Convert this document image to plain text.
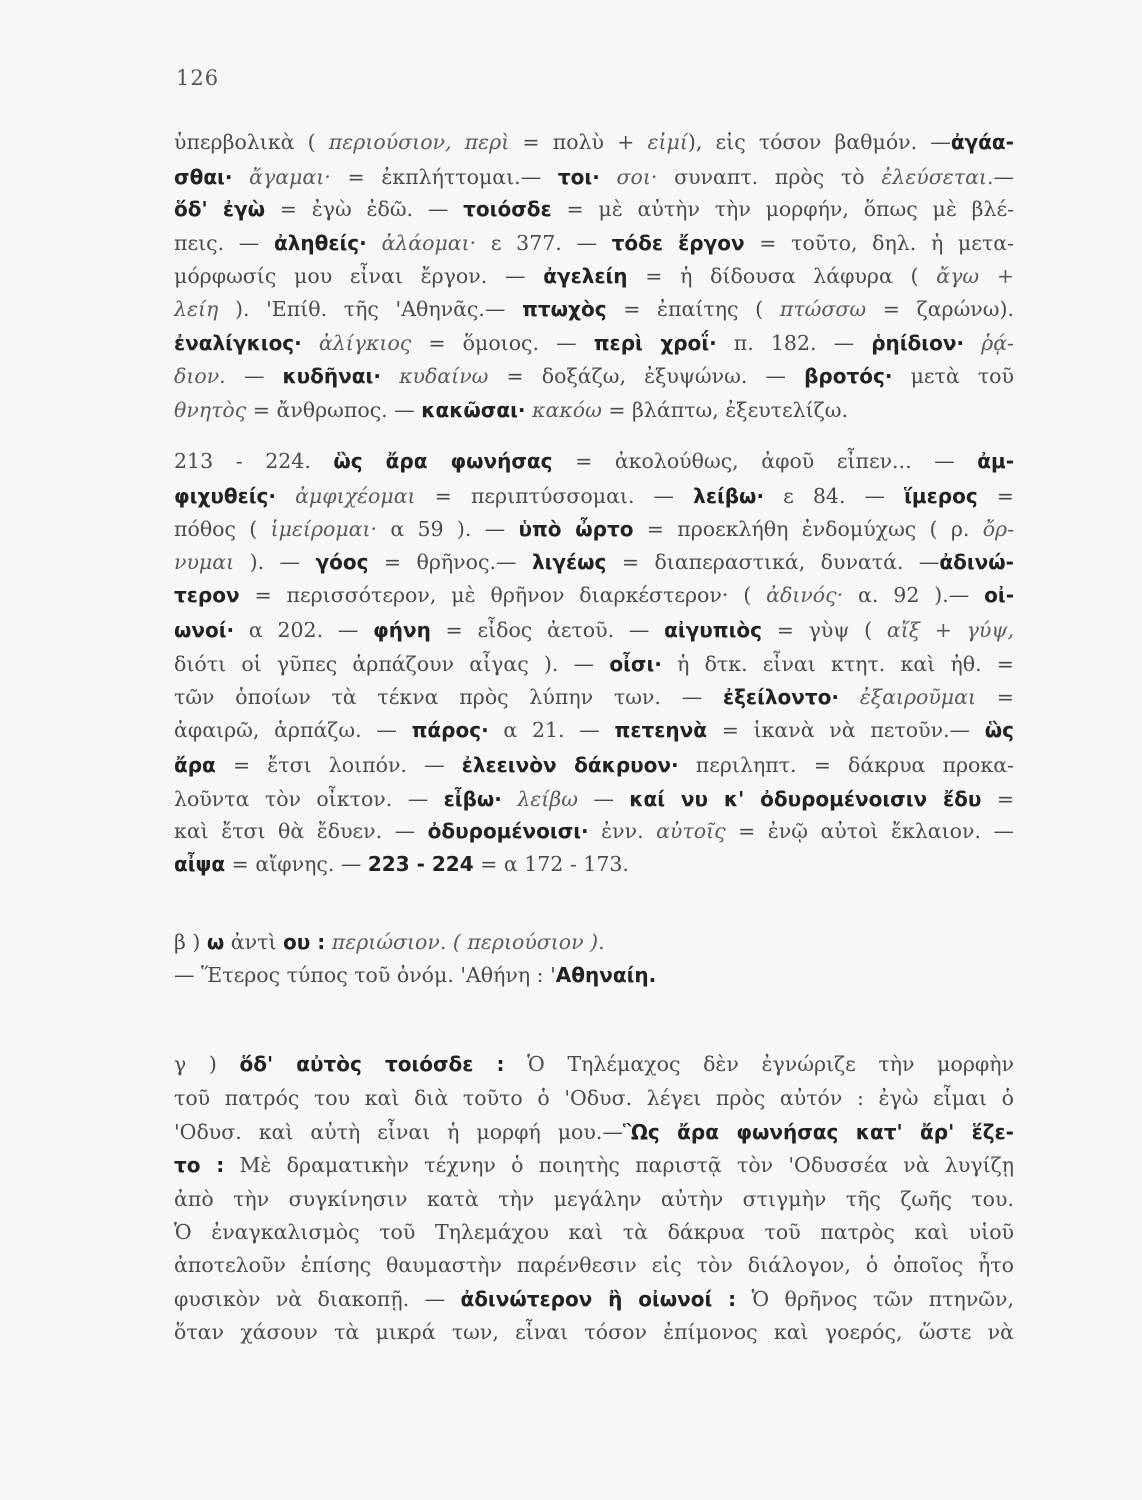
126
ὑπερβολικὰ ( περιούσιον, περὶ = πολὺ + εἰμί), εἰς τόσον βαθμόν. —ἀγάα-
σθαι· ἄγαμαι· = ἐκπλήττομαι.— τοι· σοι· συναπτ. πρὸς τὸ ἐλεύσεται.—
ὅδ' ἐγὼ = ἐγὼ ἐδῶ. — τοιόσδε = μὲ αὐτὴν τὴν μορφήν, ὅπως μὲ βλέ-
πεις. — ἀληθείς· ἀλάομαι· ε 377. — τόδε ἔργον = τοῦτο, δηλ. ἡ μετα-
μόρφωσίς μου εἶναι ἔργον. — ἀγελείη = ἡ δίδουσα λάφυρα ( ἄγω +
λείη ). 'Επίθ. τῆς 'Αθηνᾶς.— πτωχὸς = ἐπαίτης ( πτώσσω = ζαρώνω).
ἐναλίγκιος· ἀλίγκιος = ὅμοιος. — περὶ χροΐ· π. 182. — ῥηίδιον· ῥᾴ-
διον. — κυδῆναι· κυδαίνω = δοξάζω, ἐξυψώνω. — βροτός· μετὰ τοῦ
θνητὸς = ἄνθρωπος. — κακῶσαι· κακόω = βλάπτω, ἐξευτελίζω.
213 - 224. ὣς ἄρα φωνήσας = ἀκολούθως, ἀφοῦ εἶπεν... — ἀμ-
φιχυθείς· ἀμφιχέομαι = περιπτύσσομαι. — λείβω· ε 84. — ἵμερος =
πόθος ( ἱμείρομαι· α 59 ). — ὑπὸ ὦρτο = προεκλήθη ἐνδομύχως ( ρ. ὄρ-
νυμαι ). — γόος = θρῆνος.— λιγέως = διαπεραστικά, δυνατά. —ἀδινώ-
τερον = περισσότερον, μὲ θρῆνον διαρκέστερον· ( ἀδινός· α. 92 ).— οἰ-
ωνοί· α 202. — φήνη = εἶδος ἀετοῦ. — αἰγυπιὸς = γὺψ ( αἴξ + γύψ,
διότι οἱ γῦπες ἁρπάζουν αἶγας ). — οἶσι· ἡ δτκ. εἶναι κτητ. καὶ ἠθ. =
τῶν ὁποίων τὰ τέκνα πρὸς λύπην των. — ἐξείλοντο· ἐξαιροῦμαι =
ἀφαιρῶ, ἁρπάζω. — πάρος· α 21. — πετεηνὰ = ἱκανὰ νὰ πετοῦν.— ὣς
ἄρα = ἔτσι λοιπόν. — ἐλεεινὸν δάκρυον· περιληπτ. = δάκρυα προκα-
λοῦντα τὸν οἶκτον. — εἶβω· λείβω — καί νυ κ' ὀδυρομένοισιν ἔδυ =
καὶ ἔτσι θὰ ἔδυεν. — ὀδυρομένοισι· ἐνν. αὐτοῖς = ἐνῷ αὐτοὶ ἔκλαιον. —
αἶψα = αἴφνης. — 223 - 224 = α 172 - 173.
β ) ω ἀντὶ ου : περιώσιον. ( περιούσιον ).
— Ἕτερος τύπος τοῦ ὀνόμ. 'Αθήνη : 'Αθηναίη.
γ ) ὅδ' αὐτὸς τοιόσδε : Ὁ Τηλέμαχος δὲν ἐγνώριζε τὴν μορφὴν
τοῦ πατρός του καὶ διὰ τοῦτο ὁ 'Οδυσ. λέγει πρὸς αὐτόν : ἐγὼ εἶμαι ὁ
'Οδυσ. καὶ αὐτὴ εἶναι ἡ μορφή μου.—Ὣς ἄρα φωνήσας κατ' ἄρ' ἕζε-
το : Μὲ δραματικὴν τέχνην ὁ ποιητὴς παριστᾷ τὸν 'Οδυσσέα νὰ λυγίζῃ
ἀπὸ τὴν συγκίνησιν κατὰ τὴν μεγάλην αὐτὴν στιγμὴν τῆς ζωῆς του.
Ὁ ἐναγκαλισμὸς τοῦ Τηλεμάχου καὶ τὰ δάκρυα τοῦ πατρὸς καὶ υἱοῦ
ἀποτελοῦν ἐπίσης θαυμαστὴν παρένθεσιν εἰς τὸν διάλογον, ὁ ὁποῖος ἦτο
φυσικὸν νὰ διακοπῇ. — ἀδινώτερον ἢ οἰωνοί : Ὁ θρῆνος τῶν πτηνῶν,
ὅταν χάσουν τὰ μικρά των, εἶναι τόσον ἐπίμονος καὶ γοερός, ὥστε νὰ
